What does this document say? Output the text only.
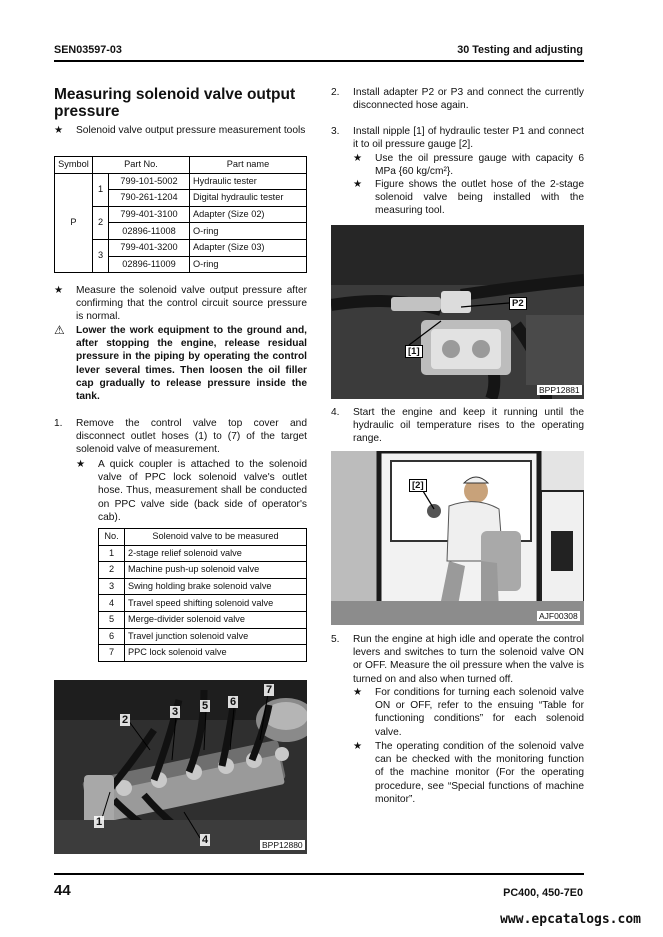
SEN03597-03	30 Testing and adjusting
Measuring solenoid valve output pressure
★ Solenoid valve output pressure measurement tools
Symbol	Part No.		Part name
P	1	799-101-5002	Hydraulic tester
		790-261-1204	Digital hydraulic tester
	2	799-401-3100	Adapter (Size 02)
		02896-11008	O-ring
	3	799-401-3200	Adapter (Size 03)
		02896-11009	O-ring
★ Measure the solenoid valve output pressure after confirming that the control circuit source pressure is normal.
⚠ Lower the work equipment to the ground and, after stopping the engine, release residual pressure in the piping by operating the control lever several times. Then loosen the oil filler cap gradually to release pressure inside the tank.
1. Remove the control valve top cover and disconnect outlet hoses (1) to (7) of the target solenoid valve of measurement.
★ A quick coupler is attached to the solenoid valve of PPC lock solenoid valve's outlet hose. Thus, measurement shall be conducted on PPC valve side (back side of operator's cab).
No.	Solenoid valve to be measured
1	2-stage relief solenoid valve
2	Machine push-up solenoid valve
3	Swing holding brake solenoid valve
4	Travel speed shifting solenoid valve
5	Merge-divider solenoid valve
6	Travel junction solenoid valve
7	PPC lock solenoid valve
1
2
3
4
5 6
7
BPP12880
2. Install adapter P2 or P3 and connect the currently disconnected hose again.
3. Install nipple [1] of hydraulic tester P1 and connect it to oil pressure gauge [2].
★ Use the oil pressure gauge with capacity 6 MPa {60 kg/cm²}.
★ Figure shows the outlet hose of the 2-stage solenoid valve being installed with the measuring tool.
P2
[1]
BPP12881
4. Start the engine and keep it running until the hydraulic oil temperature rises to the operating range.
[2]
AJF00308
5. Run the engine at high idle and operate the control levers and switches to turn the solenoid valve ON or OFF. Measure the oil pressure when the valve is turned on and also when turned off.
★ For conditions for turning each solenoid valve ON or OFF, refer to the ensuing “Table for functioning conditions” for each solenoid valve.
★ The operating condition of the solenoid valve can be checked with the monitoring function of the machine monitor (For the operating procedure, see “Special functions of machine monitor”.
44	PC400, 450-7E0
www.epcatalogs.com
